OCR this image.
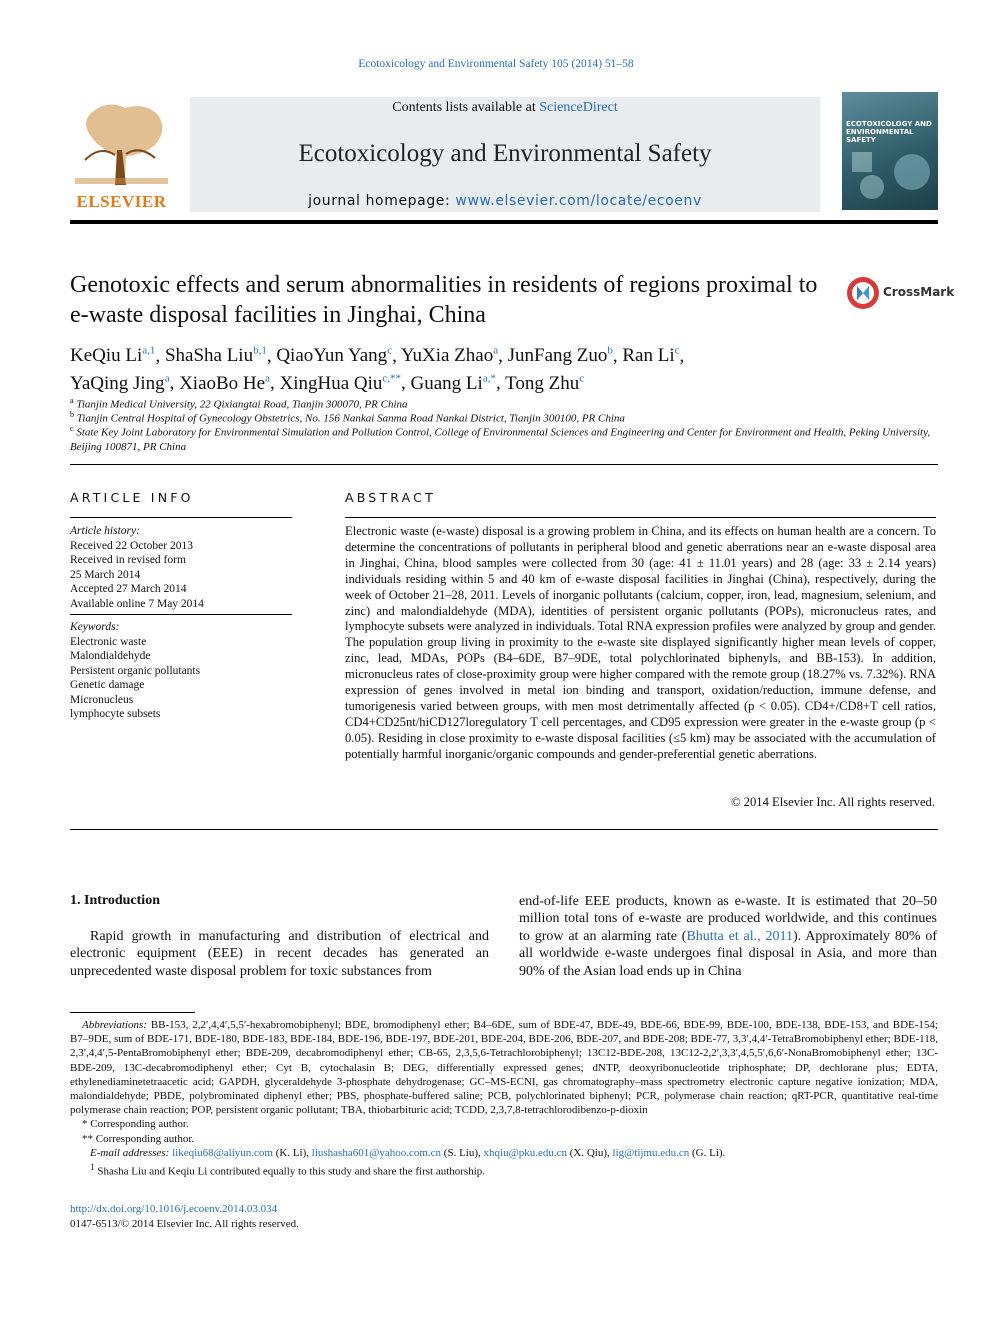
Ecotoxicology and Environmental Safety 105 (2014) 51–58
ELSEVIER
Contents lists available at ScienceDirect
Ecotoxicology and Environmental Safety
journal homepage: www.elsevier.com/locate/ecoenv
ECOTOXICOLOGY AND ENVIRONMENTAL SAFETY
Genotoxic effects and serum abnormalities in residents of regions proximal to e-waste disposal facilities in Jinghai, China
CrossMark
KeQiu Li$^{a,1}$, ShaSha Liu$^{b,1}$, QiaoYun Yang$^c$, YuXia Zhao$^a$, JunFang Zuo$^b$, Ran Li$^c$,
YaQing Jing$^a$, XiaoBo He$^a$, XingHua Qiu$^{c,**}$, Guang $Li^{a,*}$, Tong Zhu$^c$
$^a$ Tianjin Medical University, 22 Qixiangtai Road, Tianjin 300070, PR China
$^b$ Tianjin Central Hospital of Gynecology Obstetrics, No. 156 Nankai Sanma Road Nankai District, Tianjin 300100, PR China
$^c$ State Key Joint Laboratory for Environmental Simulation and Pollution Control, College of Environmental Sciences and Engineering and Center for Environment and Health, Peking University, Beijing 100871, PR China
ARTICLE INFO
Article history:
Received 22 October 2013
Received in revised form
25 March 2014
Accepted 27 March 2014
Available online 7 May 2014
Keywords:
Electronic waste
Malondialdehyde
Persistent organic pollutants
Genetic damage
Micronucleus
lymphocyte subsets
ABSTRACT
Electronic waste (e-waste) disposal is a growing problem in China, and its effects on human health are a concern. To determine the concentrations of pollutants in peripheral blood and genetic aberrations near an e-waste disposal area in Jinghai, China, blood samples were collected from 30 (age: 41 ± 11.01 years) and 28 (age: 33 ± 2.14 years) individuals residing within 5 and 40 km of e-waste disposal facilities in Jinghai (China), respectively, during the week of October 21–28, 2011. Levels of inorganic pollutants (calcium, copper, iron, lead, magnesium, selenium, and zinc) and malondialdehyde (MDA), identities of persistent organic pollutants (POPs), micronucleus rates, and lymphocyte subsets were analyzed in individuals. Total RNA expression profiles were analyzed by group and gender. The population group living in proximity to the e-waste site displayed significantly higher mean levels of copper, zinc, lead, MDAs, POPs (B4–6DE, B7–9DE, total polychlorinated biphenyls, and BB-153). In addition, micronucleus rates of close-proximity group were higher compared with the remote group (18.27% vs. 7.32%). RNA expression of genes involved in metal ion binding and transport, oxidation/reduction, immune defense, and tumorigenesis varied between groups, with men most detrimentally affected (p < 0.05). CD4+/CD8+T cell ratios, CD4+CD25nt/hiCD127loregulatory T cell percentages, and CD95 expression were greater in the e-waste group (p < 0.05). Residing in close proximity to e-waste disposal facilities (≤5 km) may be associated with the accumulation of potentially harmful inorganic/organic compounds and gender-preferential genetic aberrations.
© 2014 Elsevier Inc. All rights reserved.
1. Introduction
Rapid growth in manufacturing and distribution of electrical and electronic equipment (EEE) in recent decades has generated an unprecedented waste disposal problem for toxic substances from
end-of-life EEE products, known as e-waste. It is estimated that 20–50 million total tons of e-waste are produced worldwide, and this continues to grow at an alarming rate (Bhutta et al., 2011). Approximately 80% of all worldwide e-waste undergoes final disposal in Asia, and more than 90% of the Asian load ends up in China
Abbreviations: BB-153, 2,2′,4,4′,5,5′-hexabromobiphenyl; BDE, bromodiphenyl ether; B4–6DE, sum of BDE-47, BDE-49, BDE-66, BDE-99, BDE-100, BDE-138, BDE-153, and BDE-154; B7–9DE, sum of BDE-171, BDE-180, BDE-183, BDE-184, BDE-196, BDE-197, BDE-201, BDE-204, BDE-206, BDE-207, and BDE-208; BDE-77, 3,3′,4,4′-TetraBromobiphenyl ether; BDE-118, 2,3′,4,4′,5-PentaBromobiphenyl ether; BDE-209, decabromodiphenyl ether; CB-65, 2,3,5,6-Tetrachlorobiphenyl; 13C12-BDE-208, 13C12-2,2′,3,3′,4,5,5′,6,6′-NonaBromobiphenyl ether; 13C-BDE-209, 13C-decabromodiphenyl ether; Cyt B, cytochalasin B; DEG, differentially expressed genes; dNTP, deoxyribonucleotide triphosphate; DP, dechlorane plus; EDTA, ethylenediaminetetraacetic acid; GAPDH, glyceraldehyde 3-phosphate dehydrogenase; GC–MS-ECNI, gas chromatography–mass spectrometry electronic capture negative ionization; MDA, malondialdehyde; PBDE, polybrominated diphenyl ether; PBS, phosphate-buffered saline; PCB, polychlorinated biphenyl; PCR, polymerase chain reaction; qRT-PCR, quantitative real-time polymerase chain reaction; POP, persistent organic pollutant; TBA, thiobarbituric acid; TCDD, 2,3,7,8-tetrachlorodibenzo-p-dioxin
* Corresponding author.
** Corresponding author.
E-mail addresses: likeqiu68@aliyun.com (K. Li), liushasha601@yahoo.com.cn (S. Liu), xhqiu@pku.edu.cn (X. Qiu), lig@tijmu.edu.cn (G. Li).
$^1$ Shasha Liu and Keqiu Li contributed equally to this study and share the first authorship.
http://dx.doi.org/10.1016/j.ecoenv.2014.03.034
0147-6513/© 2014 Elsevier Inc. All rights reserved.
